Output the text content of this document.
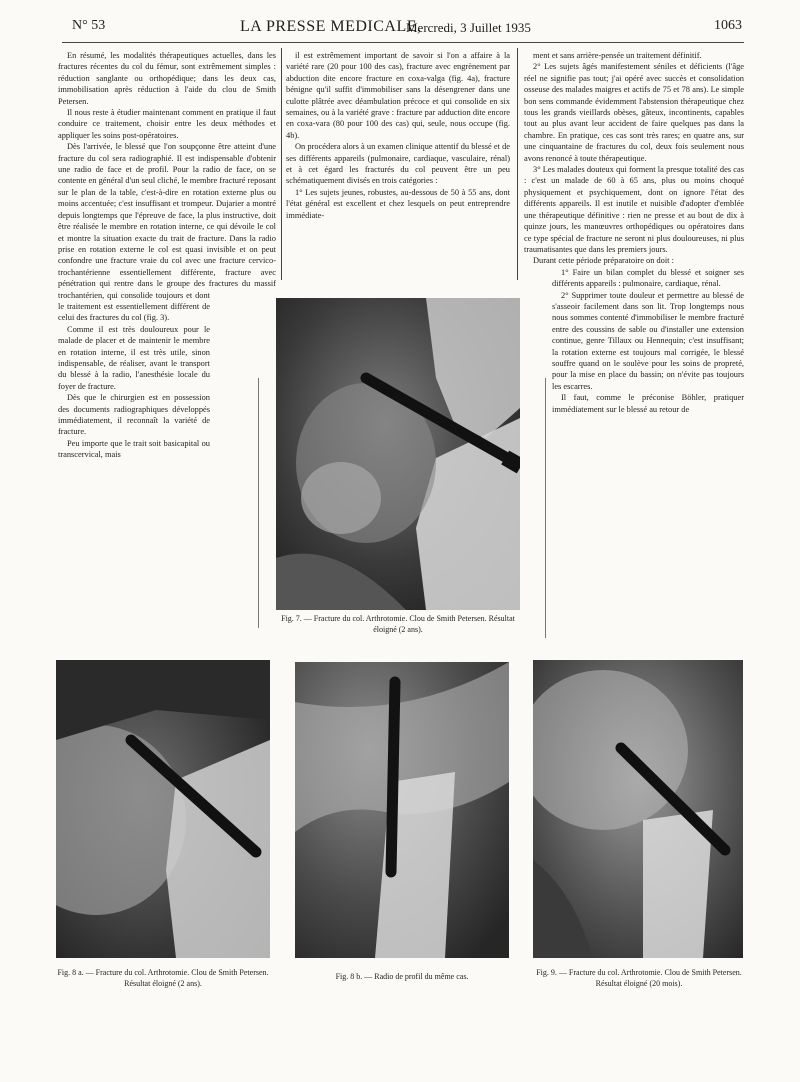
N° 53	LA PRESSE MEDICALE,
Mercredi, 3 Juillet 1935	1063

En résumé, les modalités thérapeutiques actuelles, dans les fractures récentes du col du fémur, sont extrêmement simples : réduction sanglante ou orthopédique; dans les deux cas, immobilisation après réduction à l'aide du clou de Smith Petersen.

Il nous reste à étudier maintenant comment en pratique il faut conduire ce traitement, choisir entre les deux méthodes et appliquer les soins post-opératoires.

Dès l'arrivée, le blessé que l'on soupçonne être atteint d'une fracture du col sera radiographié. Il est indispensable d'obtenir une radio de face et de profil. Pour la radio de face, on se contente en général d'un seul cliché, le membre fracturé reposant sur le plan de la table, c'est-à-dire en rotation externe plus ou moins accentuée; c'est insuffisant et trompeur. Dujarier a montré depuis longtemps que l'épreuve de face, la plus instructive, doit être réalisée le membre en rotation interne, ce qui dévoile le col et montre la situation exacte du trait de fracture. Dans la radio prise en rotation externe le col est quasi invisible et on peut confondre une fracture vraie du col avec une fracture cervico-trochantérienne essentiellement différente, fracture avec pénétration qui rentre dans le groupe des fractures du massif trochantérien, qui consolide toujours et dont le traitement est essentiellement différent de celui des fractures du col (fig. 3).

Comme il est très douloureux pour le malade de placer et de maintenir le membre en rotation interne, il est très utile, sinon indispensable, de réaliser, avant le transport du blessé à la radio, l'anesthésie locale du foyer de fracture.

Dès que le chirurgien est en possession des documents radiographiques développés immédiatement, il reconnaît la variété de fracture.

Peu importe que le trait soit basicapital ou transcervical, mais

il est extrêmement important de savoir si l'on a affaire à la variété rare (20 pour 100 des cas), fracture avec engrènement par abduction dite encore fracture en coxa-valga (fig. 4a), fracture bénigne qu'il suffit d'immobiliser sans la désengrener dans une culotte plâtrée avec déambulation précoce et qui consolide en six semaines, ou à la variété grave : fracture par adduction dite encore en coxa-vara (80 pour 100 des cas) qui, seule, nous occupe (fig. 4b).

On procédera alors à un examen clinique attentif du blessé et de ses différents appareils (pulmonaire, cardiaque, vasculaire, rénal) et à cet égard les fracturés du col peuvent être un peu schématiquement divisés en trois catégories :

1° Les sujets jeunes, robustes, au-dessous de 50 à 55 ans, dont l'état général est excellent et chez lesquels on peut entreprendre immédiate-

ment et sans arrière-pensée un traitement définitif.

2° Les sujets âgés manifestement séniles et déficients (l'âge réel ne signifie pas tout; j'ai opéré avec succès et consolidation osseuse des malades maigres et actifs de 75 et 78 ans). Le simple bon sens commande évidemment l'abstension thérapeutique chez tous les grands vieillards obèses, gâteux, incontinents, capables tout au plus avant leur accident de faire quelques pas dans la chambre. En pratique, ces cas sont très rares; en quatre ans, sur une cinquantaine de fractures du col, deux fois seulement nous avons renoncé à toute thérapeutique.

3° Les malades douteux qui forment la presque totalité des cas : c'est un malade de 60 à 65 ans, plus ou moins choqué physiquement et psychiquement, dont on ignore l'état des différents appareils. Il est inutile et nuisible d'adopter d'emblée une thérapeutique définitive : rien ne presse et au bout de dix à quinze jours, les manœuvres orthopédiques ou opératoires dans ce type spécial de fracture ne seront ni plus douloureuses, ni plus traumatisantes que dans les premiers jours.

Durant cette période préparatoire on doit :

1° Faire un bilan complet du blessé et soigner ses différents appareils : pulmonaire, cardiaque, rénal.

2° Supprimer toute douleur et permettre au blessé de s'asseoir facilement dans son lit. Trop longtemps nous nous sommes contenté d'immobiliser le membre fracturé entre des coussins de sable ou d'installer une extension continue, genre Tillaux ou Hennequin; c'est insuffisant; la rotation externe est toujours mal corrigée, le blessé souffre quand on le soulève pour les soins de propreté, pour la mise en place du bassin; on n'évite pas toujours les escarres.

Il faut, comme le préconise Böhler, pratiquer immédiatement sur le blessé au retour de

Fig. 7. — Fracture du col. Arthrotomie. Clou de Smith Petersen. Résultat éloigné (2 ans).
Fig. 8 a. — Fracture du col. Arthrotomie. Clou de Smith Petersen. Résultat éloigné (2 ans).
Fig. 8 b. — Radio de profil du même cas.	Fig. 9. — Fracture du col. Arthrotomie. Clou de Smith Petersen. Résultat éloigné (20 mois).
